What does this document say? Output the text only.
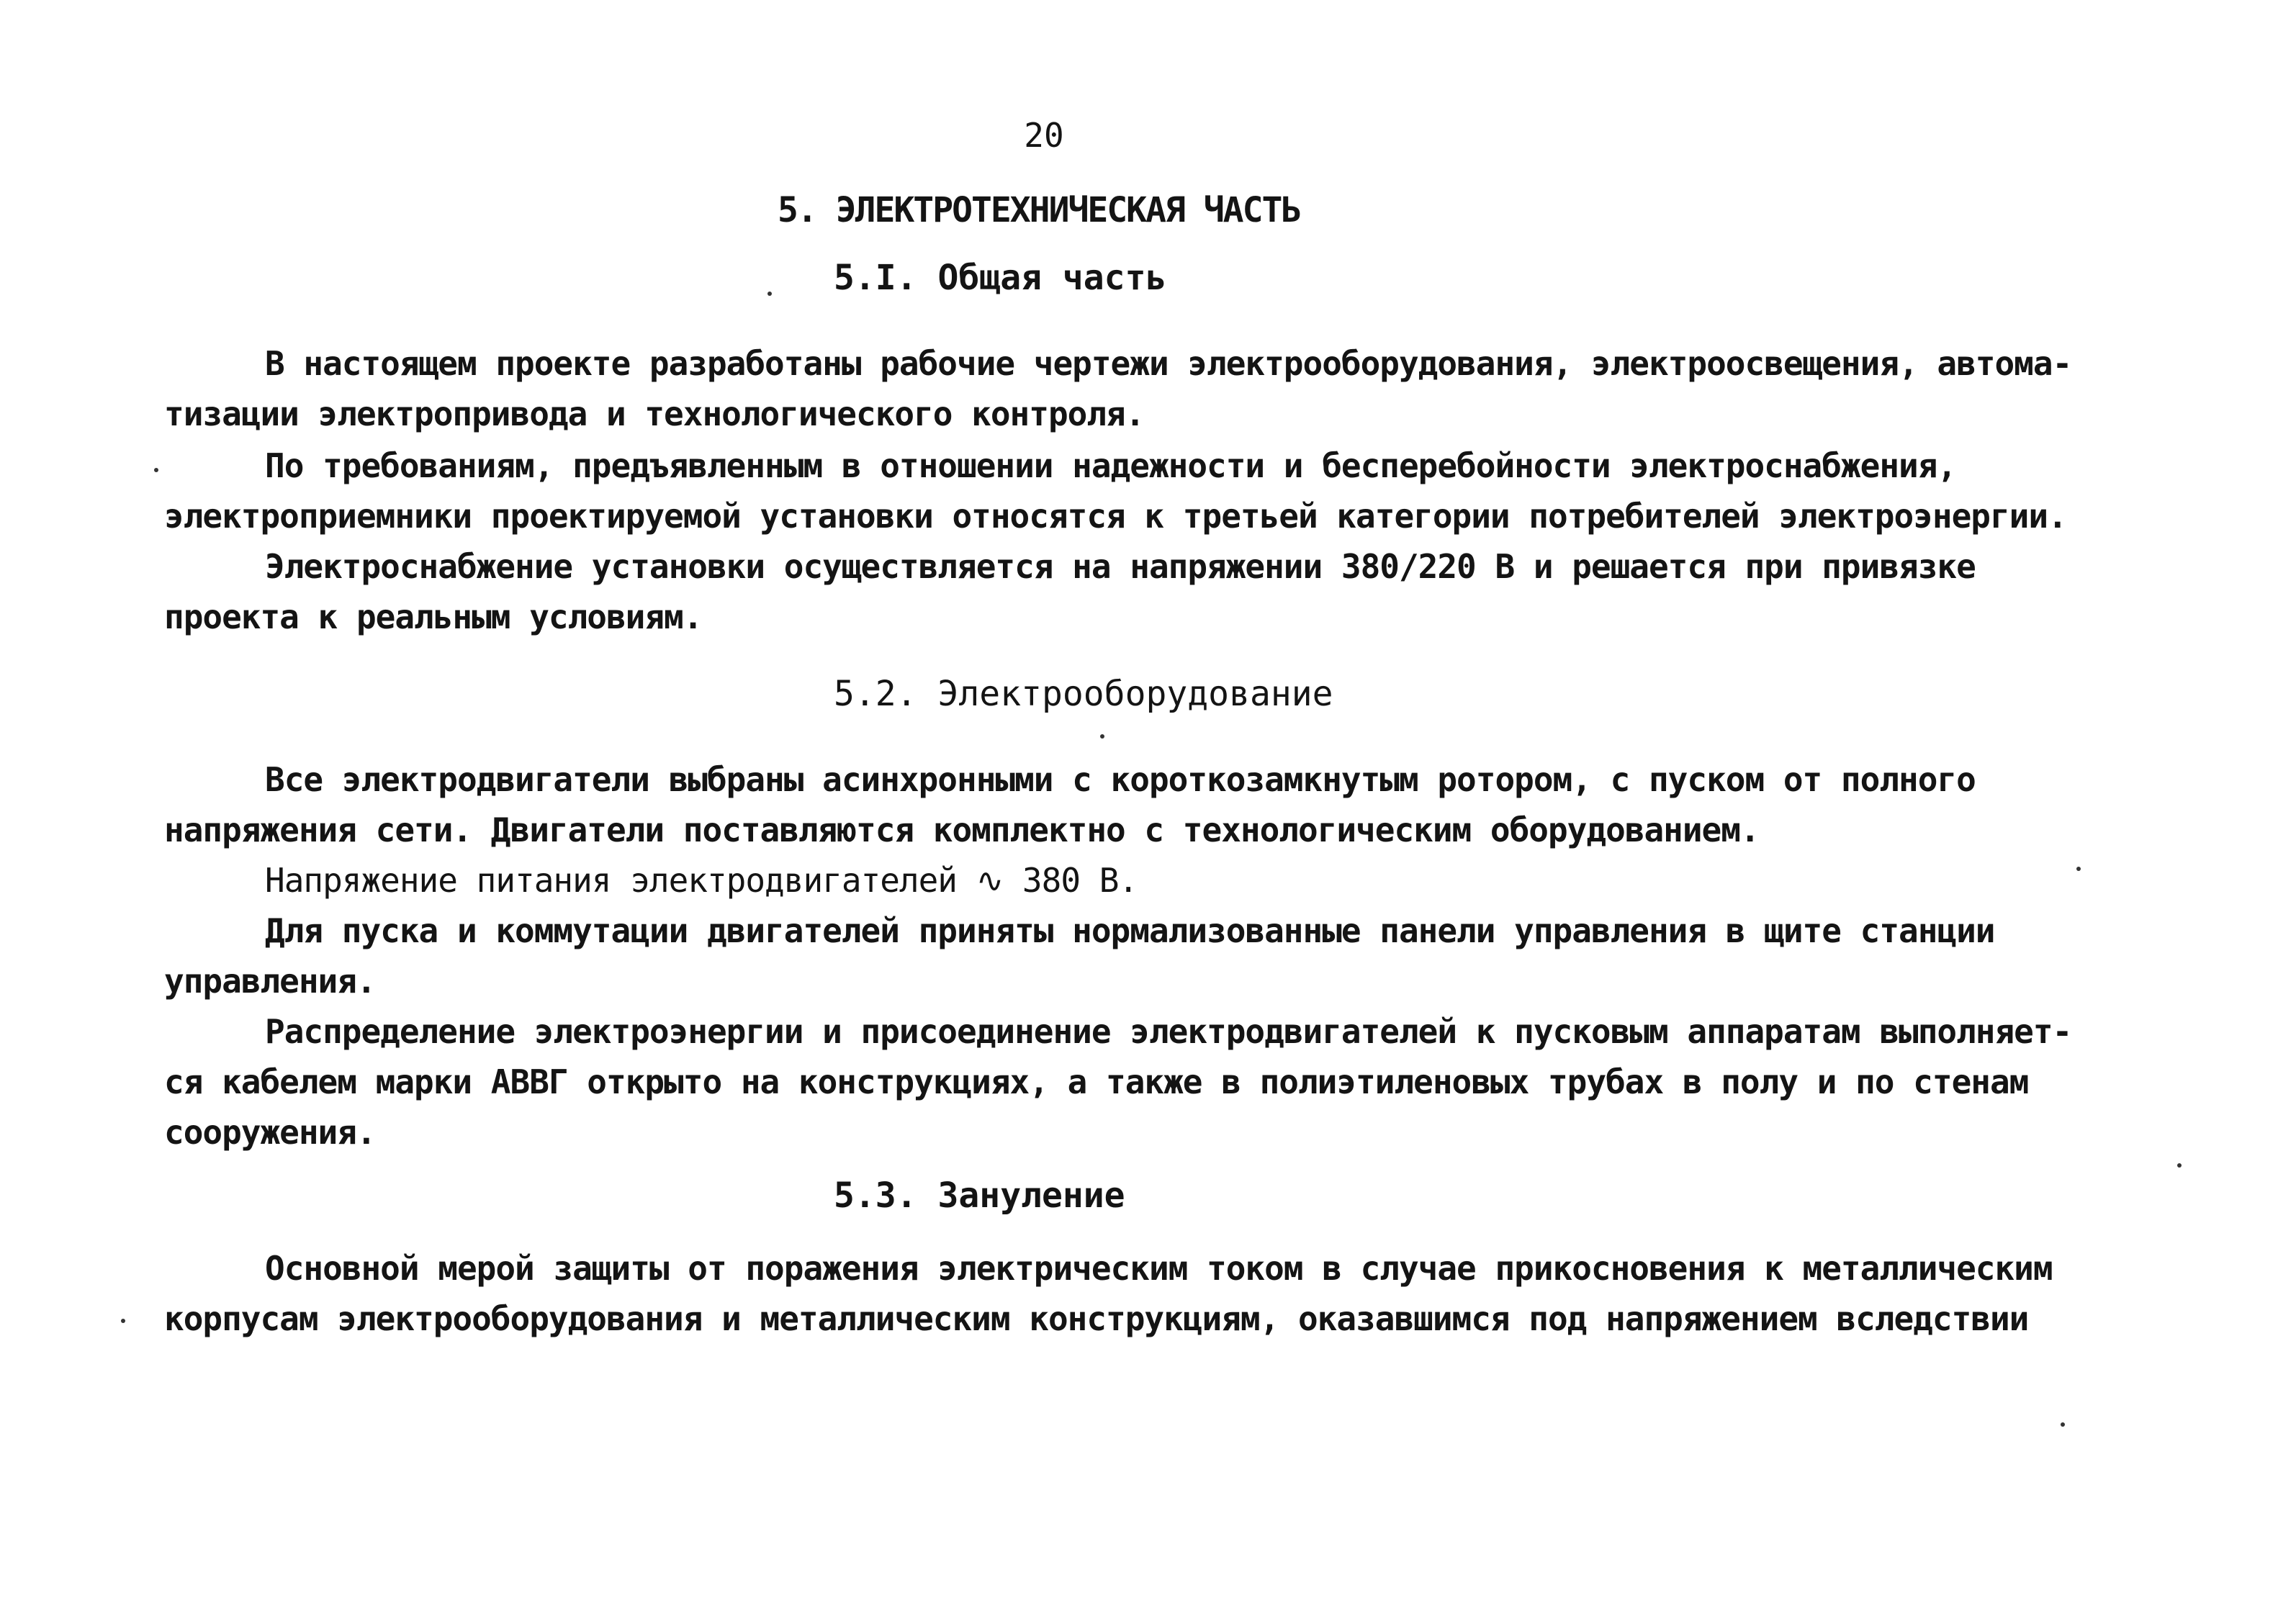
20
5. ЭЛЕКТРОТЕХНИЧЕСКАЯ ЧАСТЬ
5.I. Общая часть
В настоящем проекте разработаны рабочие чертежи электрооборудования, электроосвещения, автома-
тизации электропривода и технологического контроля.
По требованиям, предъявленным в отношении надежности и бесперебойности электроснабжения,
электроприемники проектируемой установки относятся к третьей категории потребителей электроэнергии.
Электроснабжение установки осуществляется на напряжении 380/220 В и решается при привязке
проекта к реальным условиям.
5.2. Электрооборудование
Все электродвигатели выбраны асинхронными с короткозамкнутым ротором, с пуском от полного
напряжения сети. Двигатели поставляются комплектно с технологическим оборудованием.
Напряжение питания электродвигателей ∿ 380 В.
Для пуска и коммутации двигателей приняты нормализованные панели управления в щите станции
управления.
Распределение электроэнергии и присоединение электродвигателей к пусковым аппаратам выполняет-
ся кабелем марки АВВГ открыто на конструкциях, а также в полиэтиленовых трубах в полу и по стенам
сооружения.
5.3. Зануление
Основной мерой защиты от поражения электрическим током в случае прикосновения к металлическим
корпусам электрооборудования и металлическим конструкциям, оказавшимся под напряжением вследствии
